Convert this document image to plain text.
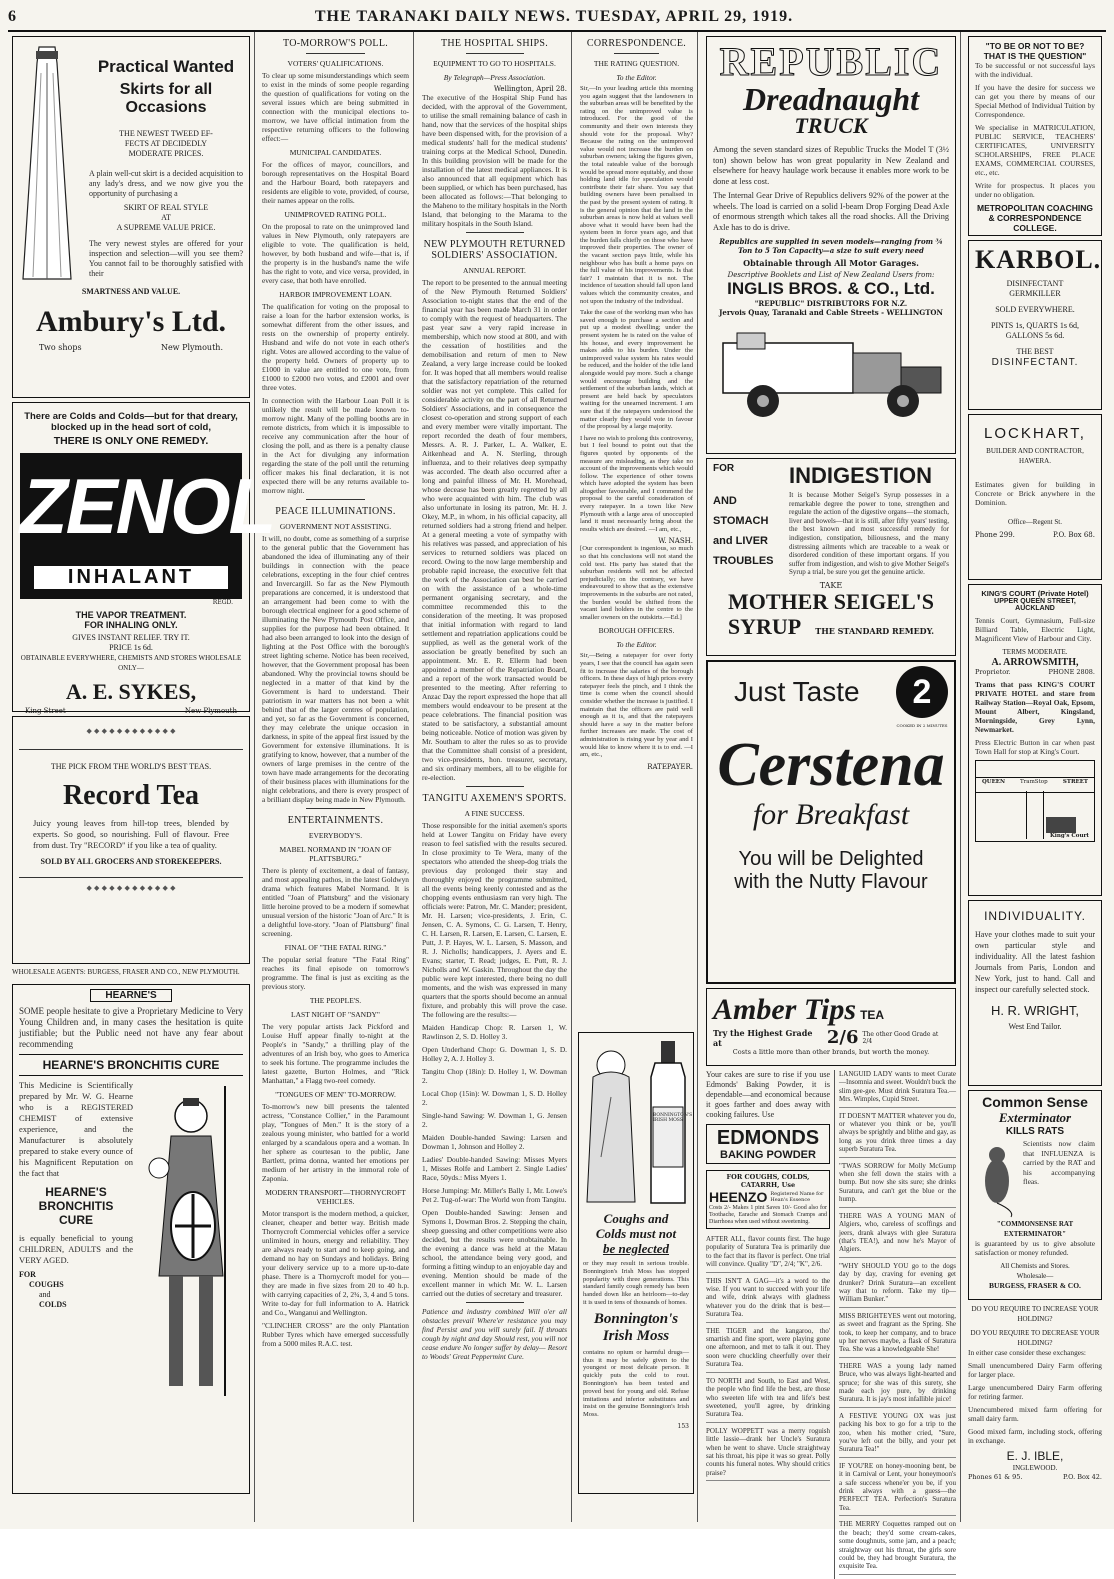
6	THE TARANAKI DAILY NEWS. TUESDAY, APRIL 29, 1919.
Practical Wanted
Skirts for all Occasions
THE NEWEST TWEED EF-
FECTS AT DECIDEDLY
MODERATE PRICES.

A plain well-cut skirt is a decided acquisition to any lady's dress, and we now give you the opportunity of purchasing a

SKIRT OF REAL STYLE
AT
A SUPREME VALUE PRICE.

The very newest styles are offered for your inspection and selection—will you see them? You cannot fail to be thoroughly satisfied with their

SMARTNESS AND VALUE.
Ambury's Ltd.
Two shops	New Plymouth.
There are Colds and Colds—but for that dreary, blocked up in the head sort of cold,
THERE IS ONLY ONE REMEDY.
ZENOL
INHALANT
REGD.
THE VAPOR TREATMENT.
FOR INHALING ONLY.
GIVES INSTANT RELIEF. TRY IT.
PRICE 1s 6d.
OBTAINABLE EVERYWHERE, CHEMISTS AND STORES WHOLESALE ONLY—
A. E. SYKES,
King Street	New Plymouth
◆ ◆ ◆ ◆ ◆ ◆ ◆ ◆ ◆ ◆ ◆ ◆
THE PICK FROM THE WORLD'S BEST TEAS.
Record Tea

Juicy young leaves from hill-top trees, blended by experts. So good, so nourishing. Full of flavour. Free from dust. Try "RECORD" if you like a tea of quality.

SOLD BY ALL GROCERS AND STOREKEEPERS.
◆ ◆ ◆ ◆ ◆ ◆ ◆ ◆ ◆ ◆ ◆ ◆
WHOLESALE AGENTS: BURGESS, FRASER AND CO., NEW PLYMOUTH.
HEARNE'S

SOME people hesitate to give a Proprietary Medicine to Very Young Children and, in many cases the hesitation is quite justifiable; but the Public need not have any fear about recommending

HEARNE'S BRONCHITIS CURE

This Medicine is Scientifically prepared by Mr. W. G. Hearne who is a REGISTERED CHEMIST of extensive experience, and the Manufacturer is absolutely prepared to stake every ounce of his Magnificent Reputation on the fact that

HEARNE'S
BRONCHITIS
CURE

is equally beneficial to young CHILDREN, ADULTS and the VERY AGED.

FOR
COUGHS
and
COLDS
TO-MORROW'S POLL.
VOTERS' QUALIFICATIONS.

To clear up some misunderstandings which seem to exist in the minds of some people regarding the question of qualifications for voting on the several issues which are being submitted in connection with the municipal elections to-morrow, we have official intimation from the respective returning officers to the following effect:—

MUNICIPAL CANDIDATES.

For the offices of mayor, councillors, and borough representatives on the Hospital Board and the Harbour Board, both ratepayers and residents are eligible to vote, provided, of course, their names appear on the rolls.

UNIMPROVED RATING POLL.

On the proposal to rate on the unimproved land values in New Plymouth, only ratepayers are eligible to vote. The qualification is held, however, by both husband and wife—that is, if the property is in the husband's name the wife has the right to vote, and vice versa, provided, in every case, that both have enrolled.

HARBOR IMPROVEMENT LOAN.

The qualification for voting on the proposal to raise a loan for the harbor extension works, is somewhat different from the other issues, and rests on the ownership of property entirely. Husband and wife do not vote in each other's right. Votes are allowed according to the value of the property held. Owners of property up to £1000 in value are entitled to one vote, from £1000 to £2000 two votes, and £2001 and over three votes.

In connection with the Harbour Loan Poll it is unlikely the result will be made known to-morrow night. Many of the polling booths are in remote districts, from which it is impossible to receive any communication after the hour of closing the poll, and as there is a penalty clause in the Act for divulging any information regarding the state of the poll until the returning officer makes his final declaration, it is not expected there will be any returns available to-morrow night.

PEACE ILLUMINATIONS.
GOVERNMENT NOT ASSISTING.

It will, no doubt, come as something of a surprise to the general public that the Government has abandoned the idea of illuminating any of their buildings in connection with the peace celebrations, excepting in the four chief centres and Invercargill. So far as the New Plymouth preparations are concerned, it is understood that an arrangement had been come to with the borough electrical engineer for a good scheme of illuminating the New Plymouth Post Office, and supplies for the purpose had been obtained. It had also been arranged to look into the design of lighting at the Post Office with the borough's street lighting scheme. Notice has been received, however, that the Government proposal has been abandoned. Why the provincial towns should be neglected in a matter of that kind by the Government is hard to understand. Their patriotism in war matters has not been a whit behind that of the larger centres of population, and yet, so far as the Government is concerned, they may celebrate the unique occasion in darkness, in spite of the appeal first issued by the Government for extensive illuminations. It is gratifying to know, however, that a number of the owners of large premises in the centre of the town have made arrangements for the decorating of their business places with illuminations for the night celebrations, and there is every prospect of a brilliant display being made in New Plymouth.

ENTERTAINMENTS.
EVERYBODY'S.
MABEL NORMAND IN "JOAN OF PLATTSBURG."

There is plenty of excitement, a deal of fantasy, and most appealing pathos, in the latest Goldwyn drama which features Mabel Normand. It is entitled "Joan of Plattsburg" and the visionary little heroine proved to be a modern if somewhat unusual version of the historic "Joan of Arc." It is a delightful love-story. "Joan of Plattsburg" final screening.

FINAL OF "THE FATAL RING."

The popular serial feature "The Fatal Ring" reaches its final episode on tomorrow's programme. The final is just as exciting as the previous story.

THE PEOPLE'S.
LAST NIGHT OF "SANDY"

The very popular artists Jack Pickford and Louise Huff appear finally to-night at the People's in "Sandy," a thrilling play of the adventures of an Irish boy, who goes to America to seek his fortune. The programme includes the latest gazette, Burton Holmes, and "Rick Manhattan," a Flagg two-reel comedy.

"TONGUES OF MEN" TO-MORROW.

To-morrow's new bill presents the talented actress, "Constance Collier," in the Paramount play, "Tongues of Men." It is the story of a zealous young minister, who battled for a world enlarged by a scandalous opera and a woman. In her sphere as courtesan to the public, Jane Bartlett, prima donna, wanted her emotions per medium of her artistry in the immoral role of Zaponia.

MODERN TRANSPORT—THORNYCROFT VEHICLES.

Motor transport is the modern method, a quicker, cleaner, cheaper and better way. British made Thornycroft Commercial vehicles offer a service unlimited in hours, energy and reliability. They are always ready to start and to keep going, and demand no hay on Sundays and holidays. Bring your delivery service up to a more up-to-date phase. There is a Thornycroft model for you—they are made in five sizes from 20 to 40 h.p. with carrying capacities of 2, 2¾, 3, 4 and 5 tons. Write to-day for full information to A. Hatrick and Co., Wanganui and Wellington.

"CLINCHER CROSS" are the only Plantation Rubber Tyres which have emerged successfully from a 5000 miles R.A.C. test.

THE HOSPITAL SHIPS.
EQUIPMENT TO GO TO HOSPITALS.
By Telegraph—Press Association.
Wellington, April 28.

The executive of the Hospital Ship Fund has decided, with the approval of the Government, to utilise the small remaining balance of cash in hand, now that the services of the hospital ships have been dispensed with, for the provision of a medical students' hall for the medical students' training corps at the Medical School, Dunedin. In this building provision will be made for the installation of the latest medical appliances. It is also announced that all equipment which has been supplied, or which has been purchased, has been allocated as follows:—That belonging to the Maheno to the military hospitals in the North Island, that belonging to the Marama to the military hospitals in the South Island.

NEW PLYMOUTH RETURNED SOLDIERS' ASSOCIATION.
ANNUAL REPORT.

The report to be presented to the annual meeting of the New Plymouth Returned Soldiers' Association to-night states that the end of the financial year has been made March 31 in order to comply with the request of headquarters. The past year saw a very rapid increase in membership, which now stood at 800, and with the cessation of hostilities and the demobilisation and return of men to New Zealand, a very large increase could be looked for. It was hoped that all members would realise that the satisfactory repatriation of the returned soldier was not yet complete. This called for considerable activity on the part of all Returned Soldiers' Associations, and in consequence the closest co-operation and strong support of each and every member were vitally important. The report recorded the death of four members, Messrs. A. R. J. Parker, L. A. Walker, E. Aitkenhead and A. N. Sterling, through influenza, and to their relatives deep sympathy was accorded. The death also occurred after a long and painful illness of Mr. H. Morehead, whose decease has been greatly regretted by all who were acquainted with him. The club was also unfortunate in losing its patron, Mr. H. J. Okey, M.P., in whom, in his official capacity, all returned soldiers had a strong friend and helper. At a general meeting a vote of sympathy with his relatives was passed, and appreciation of his services to returned soldiers was placed on record. Owing to the now large membership and probable rapid increase, the executive felt that the work of the Association can best be carried on with the assistance of a whole-time permanent organising secretary, and the committee recommended this to the consideration of the meeting. It was proposed that initial information with regard to land settlement and repatriation applications could be supplied, as well as the general work of the association be greatly benefited by such an appointment. Mr. E. R. Ellerm had been appointed a member of the Repatriation Board, and a report of the work transacted would be presented to the meeting. After referring to Anzac Day the report expressed the hope that all members would endeavour to be present at the peace celebrations. The financial position was stated to be satisfactory, a substantial amount being noticeable. Notice of motion was given by Mr. Southam to alter the rules so as to provide that the Committee shall consist of a president, two vice-presidents, hon. treasurer, secretary, and six ordinary members, all to be eligible for re-election.

TANGITU AXEMEN'S SPORTS.
A FINE SUCCESS.

Those responsible for the initial axemen's sports held at Lower Tangitu on Friday have every reason to feel satisfied with the results secured. In close proximity to Te Wera, many of the spectators who attended the sheep-dog trials the previous day prolonged their stay and thoroughly enjoyed the programme submitted, all the events being keenly contested and as the chopping events enthusiasm ran very high. The officials were: Patron, Mr. C. Mander; president, Mr. H. Larsen; vice-presidents, J. Erin, C. Jensen, C. A. Symons, C. G. Larsen, T. Henry, C. H. Larsen, R. Larsen, E. Larsen, C. Larsen, E. Putt, J. P. Hayes, W. L. Larsen, S. Masson, and R. J. Nicholls; handicappers, J. Ayers and E. Evans; starter, T. Read; judges, E. Putt, R. J. Nicholls and W. Gaskin. Throughout the day the public were kept interested, there being no dull moments, and the wish was expressed in many quarters that the sports should become an annual fixture, and probably this will prove the case. The following are the results:—

Maiden Handicap Chop: R. Larsen 1, W. Rawlinson 2, S. D. Holley 3.

Open Underhand Chop: G. Dowman 1, S. D. Holley 2, A. J. Holley 3.

Tangitu Chop (18in): D. Holley 1, W. Dowman 2.

Local Chop (15in): W. Dowman 1, S. D. Holley 2.

Single-hand Sawing: W. Dowman 1, G. Jensen 2.

Maiden Double-handed Sawing: Larsen and Dowman 1, Johnson and Holley 2.

Ladies' Double-handed Sawing: Misses Myers 1, Misses Rolfe and Lambert 2. Single Ladies' Race, 50yds.: Miss Myers 1.

Horse Jumping: Mr. Miller's Bally 1, Mr. Lowe's Pet 2. Tug-of-war: The World won from Tangitu.

Open Double-handed Sawing: Jensen and Symons 1, Dowman Bros. 2. Stepping the chain, sheep guessing and other competitions were also decided, but the results were unobtainable. In the evening a dance was held at the Matau school, the attendance being very good, and forming a fitting windup to an enjoyable day and evening. Mention should be made of the excellent manner in which Mr. W. L. Larsen carried out the duties of secretary and treasurer.

Patience and industry combined Will o'er all obstacles prevail Where'er resistance you may find Persist and you will surely fail. If throats cough by night and day Should rest, you will not cease endure No longer suffer by delay— Resort to Woods' Great Peppermint Cure.

CORRESPONDENCE.
THE RATING QUESTION.
To the Editor.

Sir,—In your leading article this morning you again suggest that the landowners in the suburban areas will be benefited by the rating on the unimproved value is introduced. For the good of the community and their own interests they should vote for the proposal. Why? Because the rating on the unimproved value would not increase the burden on suburban owners; taking the figures given, the total rateable value of the borough would be spread more equitably, and those holding land idle for speculation would contribute their fair share. You say that building owners have been penalised in the past by the present system of rating. It is the general opinion that the land in the suburban areas is now held at values well above what it would have been had the system been in force years ago, and that the burden falls chiefly on those who have improved their properties. The owner of the vacant section pays little, while his neighbour who has built a home pays on the full value of his improvements. Is that fair? I maintain that it is not. The incidence of taxation should fall upon land values which the community creates, and not upon the industry of the individual.

Take the case of the working man who has saved enough to purchase a section and put up a modest dwelling; under the present system he is rated on the value of his house, and every improvement he makes adds to his burden. Under the unimproved value system his rates would be reduced, and the holder of the idle land alongside would pay more. Such a change would encourage building and the settlement of the suburban lands, which at present are held back by speculators waiting for the unearned increment. I am sure that if the ratepayers understood the matter clearly they would vote in favour of the proposal by a large majority.

I have no wish to prolong this controversy, but I feel bound to point out that the figures quoted by opponents of the measure are misleading, as they take no account of the improvements which would follow. The experience of other towns which have adopted the system has been altogether favourable, and I commend the proposal to the careful consideration of every ratepayer. In a town like New Plymouth with a large area of unoccupied land it must necessarily bring about the results which are desired. —I am, etc.,

W. NASH.

[Our correspondent is ingenious, so much so that his conclusions will not stand the cold test. His party has stated that the suburban residents will not be affected prejudicially; on the contrary, we have endeavoured to show that as the extensive improvements in the suburbs are not rated, the burden would be shifted from the vacant land holders in the centre to the smaller owners on the outskirts.—Ed.]

BOROUGH OFFICERS.
To the Editor.

Sir,—Being a ratepayer for over forty years, I see that the council has again seen fit to increase the salaries of the borough officers. In these days of high prices every ratepayer feels the pinch, and I think the time is come when the council should consider whether the increase is justified. I maintain that the officers are paid well enough as it is, and that the ratepayers should have a say in the matter before further increases are made. The cost of administration is rising year by year and I would like to know where it is to end. —I am, etc.,

RATEPAYER.
BONNINGTON'S IRISH MOSS
Coughs and
Colds must not
be neglected

or they may result in serious trouble. Bonnington's Irish Moss has stopped popularity with three generations. This standard family cough remedy has been handed down like an heirloom—to-day it is used in tens of thousands of homes.

Bonnington's
Irish Moss

contains no opium or harmful drugs—thus it may be safely given to the youngest or most delicate person. It quickly puts the cold to rout. Bonnington's has been tested and proved best for young and old. Refuse imitations and inferior substitutes and insist on the genuine Bonnington's Irish Moss.

153
REPUBLIC
Dreadnaught
TRUCK

Among the seven standard sizes of Republic Trucks the Model T (3½ ton) shown below has won great popularity in New Zealand and elsewhere for heavy haulage work because it enables more work to be done at less cost.

The Internal Gear Drive of Republics delivers 92% of the power at the wheels. The load is carried on a solid I-beam Drop Forging Dead Axle of enormous strength which takes all the road shocks. All the Driving Axle has to do is drive.

Republics are supplied in seven models—ranging from ¾ Ton to 5 Ton Capacity—a size to suit every need
Obtainable through All Motor Garages.
Descriptive Booklets and List of New Zealand Users from:
INGLIS BROS. & CO., Ltd.
"REPUBLIC" DISTRIBUTORS FOR N.Z.
Jervois Quay, Taranaki and Cable Streets - WELLINGTON
FOR	INDIGESTION
AND
STOMACH
and LIVER
TROUBLES

It is because Mother Seigel's Syrup possesses in a remarkable degree the power to tone, strengthen and regulate the action of the digestive organs—the stomach, liver and bowels—that it is still, after fifty years' testing, the best known and most successful remedy for indigestion, constipation, biliousness, and the many distressing ailments which are traceable to a weak or disordered condition of these important organs. If you suffer from indigestion, and wish to give Mother Seigel's Syrup a trial, be sure you get the genuine article.

TAKE
MOTHER SEIGEL'S
SYRUP THE STANDARD REMEDY.
Just Taste 2
COOKED IN 2 MINUTES
Cerstena
for Breakfast
You will be Delighted
with the Nutty Flavour
Amber Tips TEA
Try the Highest Grade at	2/6 The other Good Grade at 2/4
Costs a little more than other brands, but worth the money.

Your cakes are sure to rise if you use Edmonds' Baking Powder, it is dependable—and economical because it goes farther and does away with cooking failures. Use

EDMONDS
BAKING POWDER
FOR COUGHS, COLDS, CATARRH, Use
HEENZO Registered Name for Hean's Essence

Costs 2/- Makes 1 pint Saves 10/- Good also for Toothache, Earache and Stomach Cramps and Diarrhoea when used without sweetening.

AFTER ALL, flavor counts first. The huge popularity of Suratura Tea is primarily due to the fact that its flavor is perfect. One trial will convince. Quality "D", 2/4; "K", 2/6.

THIS ISN'T A GAG—it's a word to the wise. If you want to succeed with your life and wife, drink always with gladness whatever you do the drink that is best—Suratura Tea.

THE TIGER and the kangaroo, tho' smartish and fine sport, were playing gone one afternoon, and met to talk it out. They soon were chuckling cheerfully over their Suratura Tea.

TO NORTH and South, to East and West, the people who find life the best, are those who sweeten life with tea and life's best sweetened, you'll agree, by drinking Suratura Tea.

POLLY WOPPETT was a merry roguish little lassie—drank her Uncle's Suratura when he went to shave. Uncle straightway sat his throat, his pipe it was so great. Polly counts his funeral notes. Why should critics praise?

LANGUID LADY wants to meet Curate—Insomnia and sweet. Wouldn't buck the slim gee-gee. Must drink Suratura Tea.—Mrs. Wimples, Cupid Street.

IT DOESN'T MATTER whatever you do, or whatever you think or be, you'll always be sprightly and blithe and gay, as long as you drink three times a day superb Suratura Tea.

"TWAS SORROW for Molly McGump when she fell down the stairs with a bump. But now she sits sure; she drinks Suratura, and can't get the blue or the hump.

THERE WAS A YOUNG MAN of Algiers, who, careless of scoffings and jeers, drank always with glee Suratura (that's TEA!), and now he's Mayor of Algiers.

"WHY SHOULD YOU go to the dogs day by day, craving for evening get drunker? Drink Suratura—an excellent way that to reform. Take my tip—William Bunker."

MISS BRIGHTEYES went out motoring, as sweet and fragrant as the Spring. She took, to keep her company, and to brace up her nerves maybe, a flask of Suratura Tea. She was a knowledgeable She!

THERE WAS a young lady named Bruce, who was always light-hearted and spruce; for she was of this surety, she made each joy pure, by drinking Suratura. It is jay's most infallible juice!

A FESTIVE YOUNG OX was just packing his box to go for a trip to the zoo, when his mother cried, "Sure, you've left out the billy, and your pet Suratura Tea!"

IF YOU'RE on honey-mooning bent, be it in Carnival or Lent, your honeymoon's a safe success whene'er you be, if you drink always with a guess—the PERFECT TEA. Perfection's Suratura Tea.

THE MERRY Coquettes ramped out on the beach; they'd some cream-cakes, some doughnuts, some jam, and a peach; straightway out his throat, the girls sore could be, they had brought Suratura, the exquisite Tea.

"TO BE OR NOT TO BE? THAT IS THE QUESTION"

To be successful or not successful lays with the individual.

If you have the desire for success we can get you there by means of our Special Method of Individual Tuition by Correspondence.

We specialise in MATRICULATION, PUBLIC SERVICE, TEACHERS' CERTIFICATES, UNIVERSITY SCHOLARSHIPS, FREE PLACE EXAMS, COMMERCIAL COURSES, etc., etc.

Write for prospectus. It places you under no obligation.

METROPOLITAN COACHING & CORRESPONDENCE COLLEGE.
KARBOL.
DISINFECTANT
GERMKILLER
SOLD EVERYWHERE.
PINTS 1s, QUARTS 1s 6d, GALLONS 5s 6d.
THE BEST
DISINFECTANT.
LOCKHART,
BUILDER AND CONTRACTOR,
HAWERA.

Estimates given for building in Concrete or Brick anywhere in the Dominion.

Office—Regent St.
Phone 299.	P.O. Box 68.
KING'S COURT (Private Hotel)
UPPER QUEEN STREET, AUCKLAND

Tennis Court, Gymnasium, Full-size Billiard Table, Electric Light, Magnificent View of Harbour and City.

TERMS MODERATE.
A. ARROWSMITH,
Proprietor.	PHONE 2808.

Trams that pass KING'S COURT PRIVATE HOTEL and stare from Railway Station—Royal Oak, Epsom, Mount Albert, Kingsland, Morningside, Grey Lynn, Newmarket.

Press Electric Button in car when past Town Hall for stop at King's Court.

QUEEN	TramStop	STREET
King's Court
INDIVIDUALITY.

Have your clothes made to suit your own particular style and individuality. All the latest fashion Journals from Paris, London and New York, just to hand. Call and inspect our carefully selected stock.

H. R. WRIGHT,
West End Tailor.
Common Sense
Exterminator
KILLS RATS

Scientists now claim that INFLUENZA is carried by the RAT and his accompanying fleas.

"COMMONSENSE RAT EXTERMINATOR"

is guaranteed by us to give absolute satisfaction or money refunded.

All Chemists and Stores.
Wholesale—
BURGESS, FRASER & CO.
DO YOU REQUIRE TO INCREASE YOUR HOLDING?
DO YOU REQUIRE TO DECREASE YOUR HOLDING?

In either case consider these exchanges:

Small unencumbered Dairy Farm offering for larger place.

Large unencumbered Dairy Farm offering for retiring farmer.

Unencumbered mixed farm offering for small dairy farm.

Good mixed farm, including stock, offering in exchange.

E. J. IBLE,
INGLEWOOD.
Phones 61 & 95.	P.O. Box 42.
